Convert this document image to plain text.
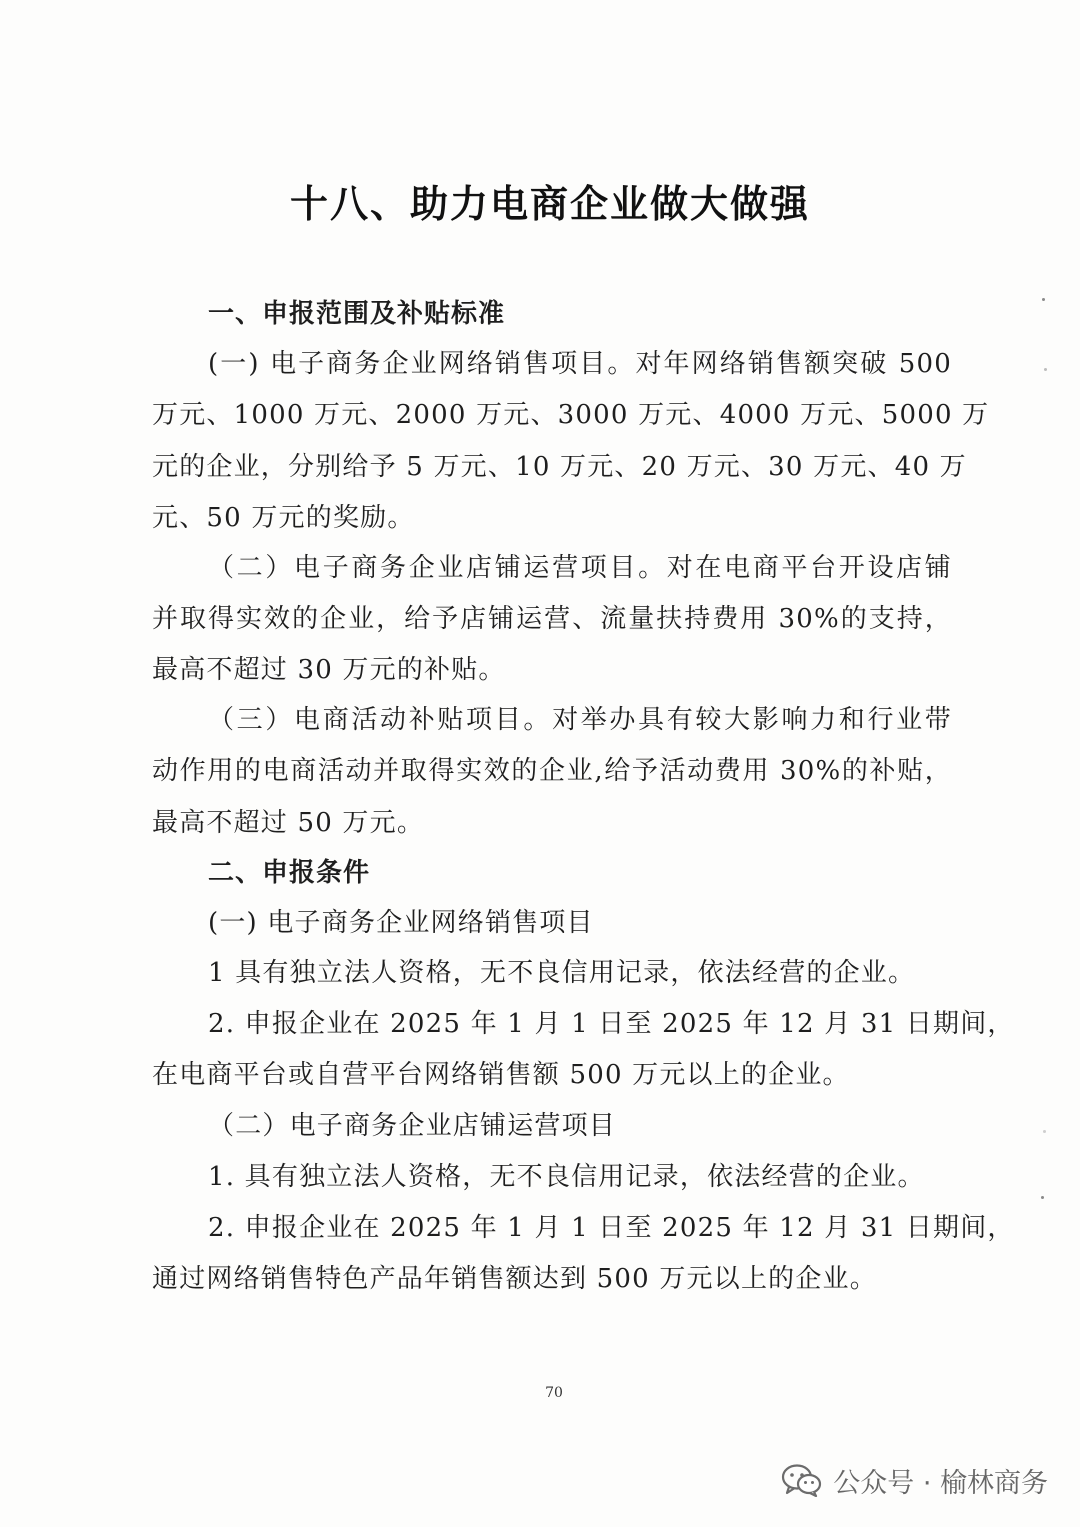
十八、助力电商企业做大做强
一、申报范围及补贴标准
(一) 电子商务企业网络销售项目。对年网络销售额突破 500
万元、1000 万元、2000 万元、3000 万元、4000 万元、5000 万
元的企业，分别给予 5 万元、10 万元、20 万元、30 万元、40 万
元、50 万元的奖励。
（二）电子商务企业店铺运营项目。对在电商平台开设店铺
并取得实效的企业，给予店铺运营、流量扶持费用 30%的支持，
最高不超过 30 万元的补贴。
（三）电商活动补贴项目。对举办具有较大影响力和行业带
动作用的电商活动并取得实效的企业,给予活动费用 30%的补贴，
最高不超过 50 万元。
二、申报条件
(一) 电子商务企业网络销售项目
1 具有独立法人资格，无不良信用记录，依法经营的企业。
2. 申报企业在 2025 年 1 月 1 日至 2025 年 12 月 31 日期间，
在电商平台或自营平台网络销售额 500 万元以上的企业。
（二）电子商务企业店铺运营项目
1. 具有独立法人资格，无不良信用记录，依法经营的企业。
2. 申报企业在 2025 年 1 月 1 日至 2025 年 12 月 31 日期间，
通过网络销售特色产品年销售额达到 500 万元以上的企业。
70
公众号 · 榆林商务
